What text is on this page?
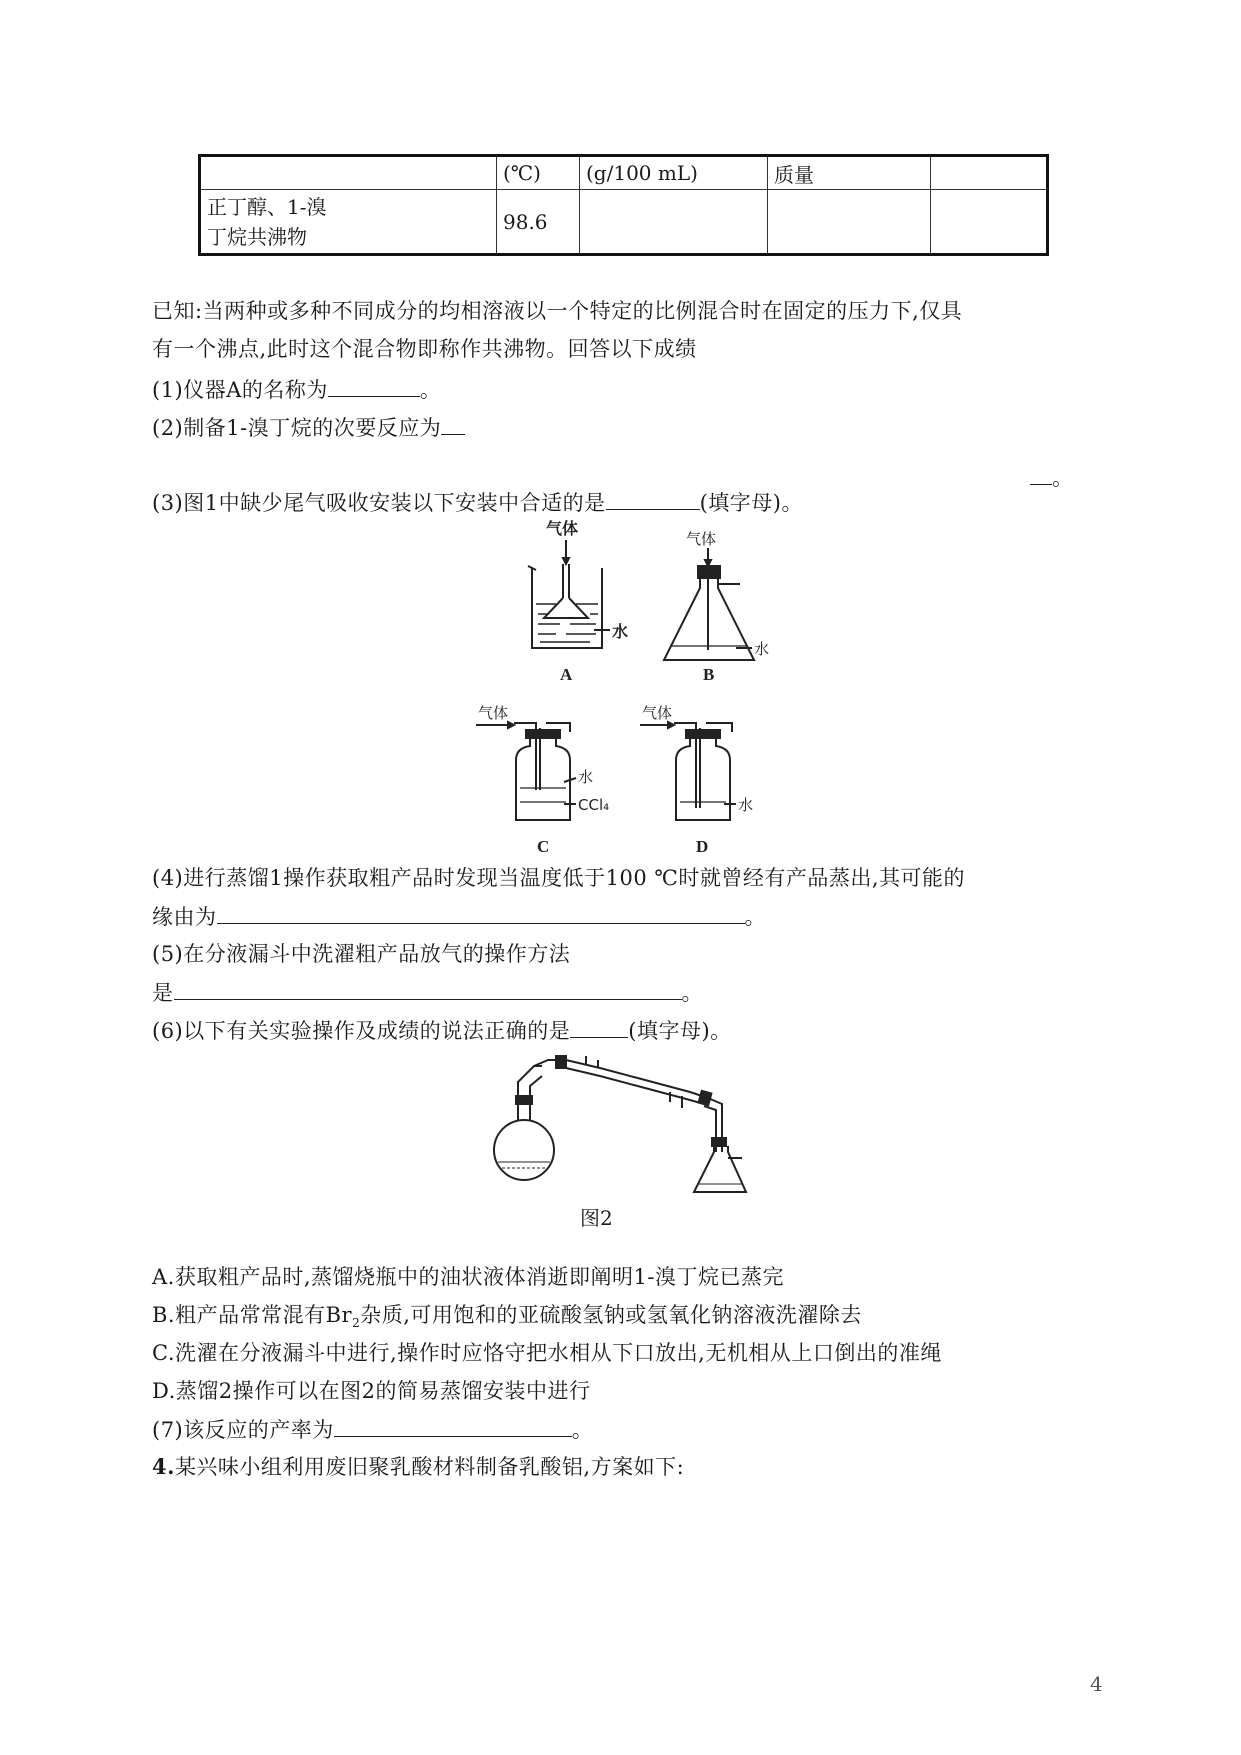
	(℃)	(g/100 mL)	质量	

正丁醇、1-溴
丁烷共沸物	98.6			
已知:当两种或多种不同成分的均相溶液以一个特定的比例混合时在固定的压力下,仅具
有一个沸点,此时这个混合物即称作共沸物。回答以下成绩
(1)仪器A的名称为	。
(2)制备1-溴丁烷的次要反应为
。
(3)图1中缺少尾气吸收安装以下安装中合适的是	(填字母)。
气体
水
A
气体
水
B
气体
水
CCl₄
C
气体
水
D
(4)进行蒸馏1操作获取粗产品时发现当温度低于100 ℃时就曾经有产品蒸出,其可能的
缘由为	。
(5)在分液漏斗中洗濯粗产品放气的操作方法
是	。
(6)以下有关实验操作及成绩的说法正确的是	(填字母)。
图2
A.获取粗产品时,蒸馏烧瓶中的油状液体消逝即阐明1-溴丁烷已蒸完
B.粗产品常常混有$Br_2$杂质,可用饱和的亚硫酸氢钠或氢氧化钠溶液洗濯除去
C.洗濯在分液漏斗中进行,操作时应恪守把水相从下口放出,无机相从上口倒出的准绳
D.蒸馏2操作可以在图2的简易蒸馏安装中进行
(7)该反应的产率为	。
4.某兴味小组利用废旧聚乳酸材料制备乳酸铝,方案如下:
4
